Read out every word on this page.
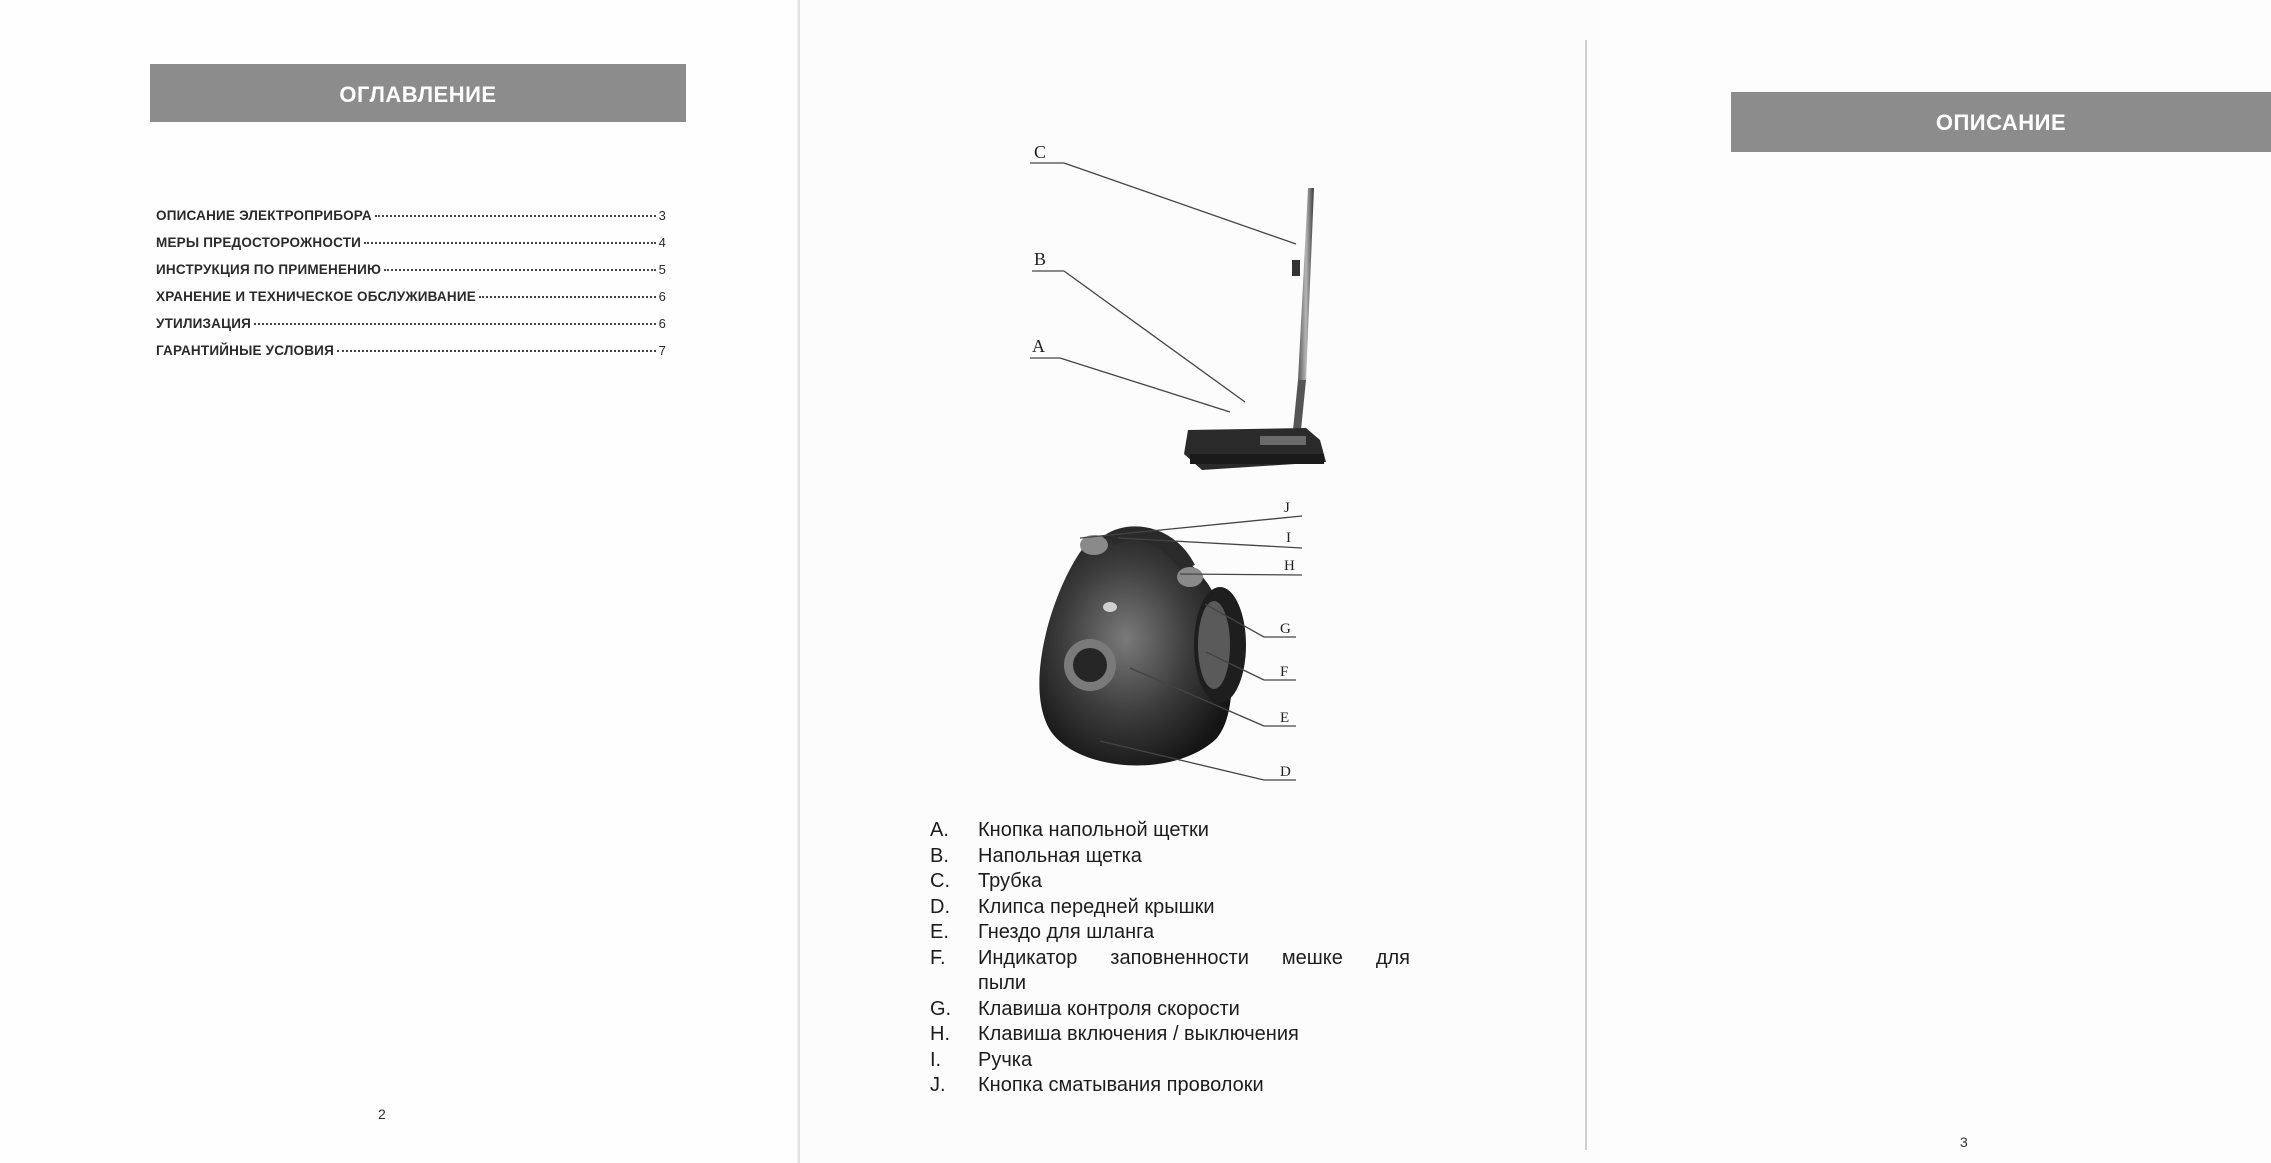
ОГЛАВЛЕНИЕ
ОПИСАНИЕ ЭЛЕКТРОПРИБОРА	3
МЕРЫ ПРЕДОСТОРОЖНОСТИ	4
ИНСТРУКЦИЯ ПО ПРИМЕНЕНИЮ	5
ХРАНЕНИЕ И ТЕХНИЧЕСКОЕ ОБСЛУЖИВАНИЕ	6
УТИЛИЗАЦИЯ	6
ГАРАНТИЙНЫЕ УСЛОВИЯ	7
2
ОПИСАНИЕ
3
C
B
A
J
I
H
G
F
E
D
A.	Кнопка напольной щетки
B.	Напольная щетка
C.	Трубка
D.	Клипса передней крышки
E.	Гнездо для шланга
F.	Индикатор заповненности мешке для
пыли
G.	Клавиша контроля скорости
H.	Клавиша включения / выключения
I.	Ручка
J.	Кнопка сматывания проволоки
